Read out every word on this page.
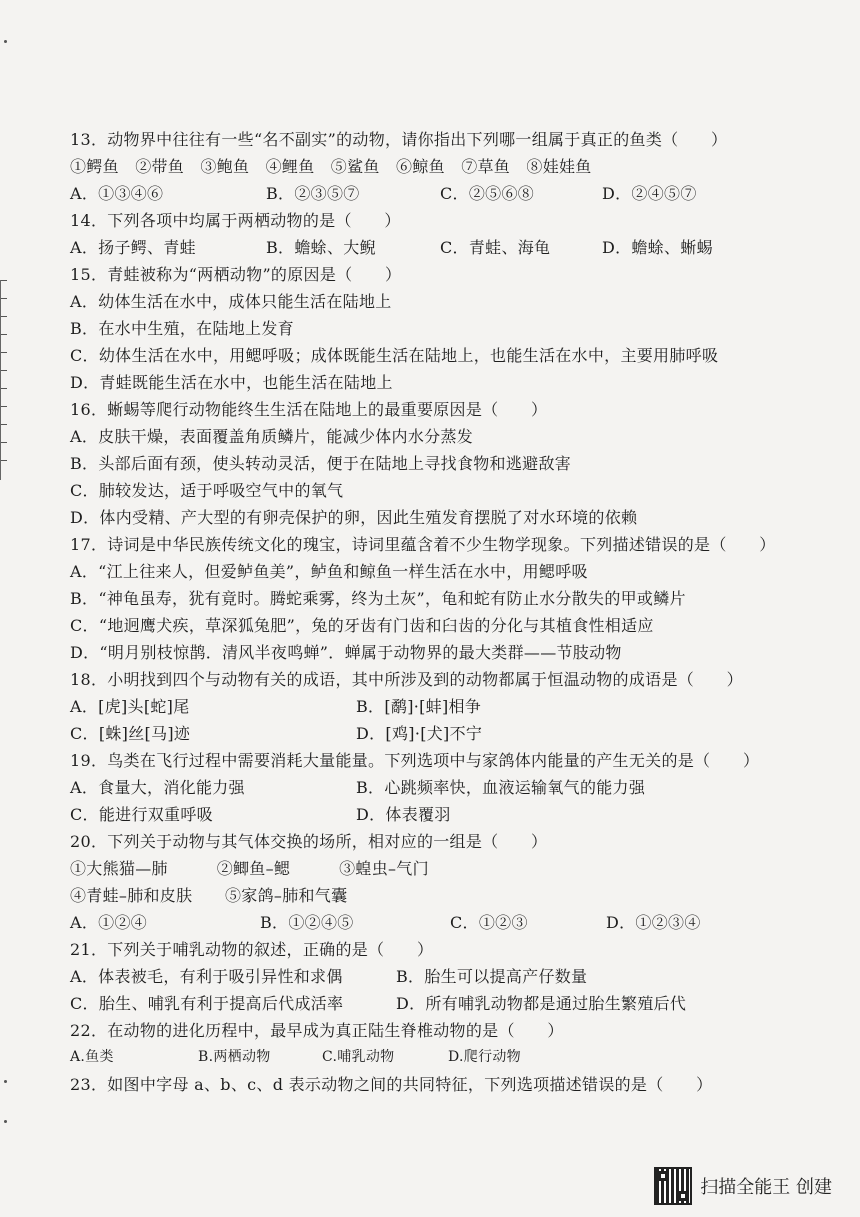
13．动物界中往往有一些“名不副实”的动物，请你指出下列哪一组属于真正的鱼类（　　）
①鳄鱼　②带鱼　③鲍鱼　④鲤鱼　⑤鲨鱼　⑥鲸鱼　⑦草鱼　⑧娃娃鱼
A．①③④⑥	B．②③⑤⑦	C．②⑤⑥⑧	D．②④⑤⑦
14．下列各项中均属于两栖动物的是（　　）
A．扬子鳄、青蛙	B．蟾蜍、大鲵	C．青蛙、海龟	D．蟾蜍、蜥蜴
15．青蛙被称为“两栖动物”的原因是（　　）
A．幼体生活在水中，成体只能生活在陆地上
B．在水中生殖，在陆地上发育
C．幼体生活在水中，用鳃呼吸；成体既能生活在陆地上，也能生活在水中，主要用肺呼吸
D．青蛙既能生活在水中，也能生活在陆地上
16．蜥蜴等爬行动物能终生生活在陆地上的最重要原因是（　　）
A．皮肤干燥，表面覆盖角质鳞片，能减少体内水分蒸发
B．头部后面有颈，使头转动灵活，便于在陆地上寻找食物和逃避敌害
C．肺较发达，适于呼吸空气中的氧气
D．体内受精、产大型的有卵壳保护的卵，因此生殖发育摆脱了对水环境的依赖
17．诗词是中华民族传统文化的瑰宝，诗词里蕴含着不少生物学现象。下列描述错误的是（　　）
A．“江上往来人，但爱鲈鱼美”，鲈鱼和鲸鱼一样生活在水中，用鳃呼吸
B．“神龟虽寿，犹有竟时。腾蛇乘雾，终为土灰”，龟和蛇有防止水分散失的甲或鳞片
C．“地迥鹰犬疾，草深狐兔肥”，兔的牙齿有门齿和臼齿的分化与其植食性相适应
D．“明月别枝惊鹊．清风半夜鸣蝉”．蝉属于动物界的最大类群——节肢动物
18．小明找到四个与动物有关的成语，其中所涉及到的动物都属于恒温动物的成语是（　　）
A．[虎]头[蛇]尾	B．[鹬]·[蚌]相争
C．[蛛]丝[马]迹	D．[鸡]·[犬]不宁
19．鸟类在飞行过程中需要消耗大量能量。下列选项中与家鸽体内能量的产生无关的是（　　）
A．食量大，消化能力强	B．心跳频率快，血液运输氧气的能力强
C．能进行双重呼吸	D．体表覆羽
20．下列关于动物与其气体交换的场所，相对应的一组是（　　）
①大熊猫—肺　　　②鲫鱼–鳃　　　③蝗虫–气门
④青蛙–肺和皮肤　　⑤家鸽–肺和气囊
A．①②④	B．①②④⑤	C．①②③	D．①②③④
21．下列关于哺乳动物的叙述，正确的是（　　）
A．体表被毛，有利于吸引异性和求偶	B．胎生可以提高产仔数量
C．胎生、哺乳有利于提高后代成活率	D．所有哺乳动物都是通过胎生繁殖后代
22．在动物的进化历程中，最早成为真正陆生脊椎动物的是（　　）
A.鱼类	B.两栖动物	C.哺乳动物	D.爬行动物
23．如图中字母 a、b、c、d 表示动物之间的共同特征，下列选项描述错误的是（　　）
扫描全能王 创建
